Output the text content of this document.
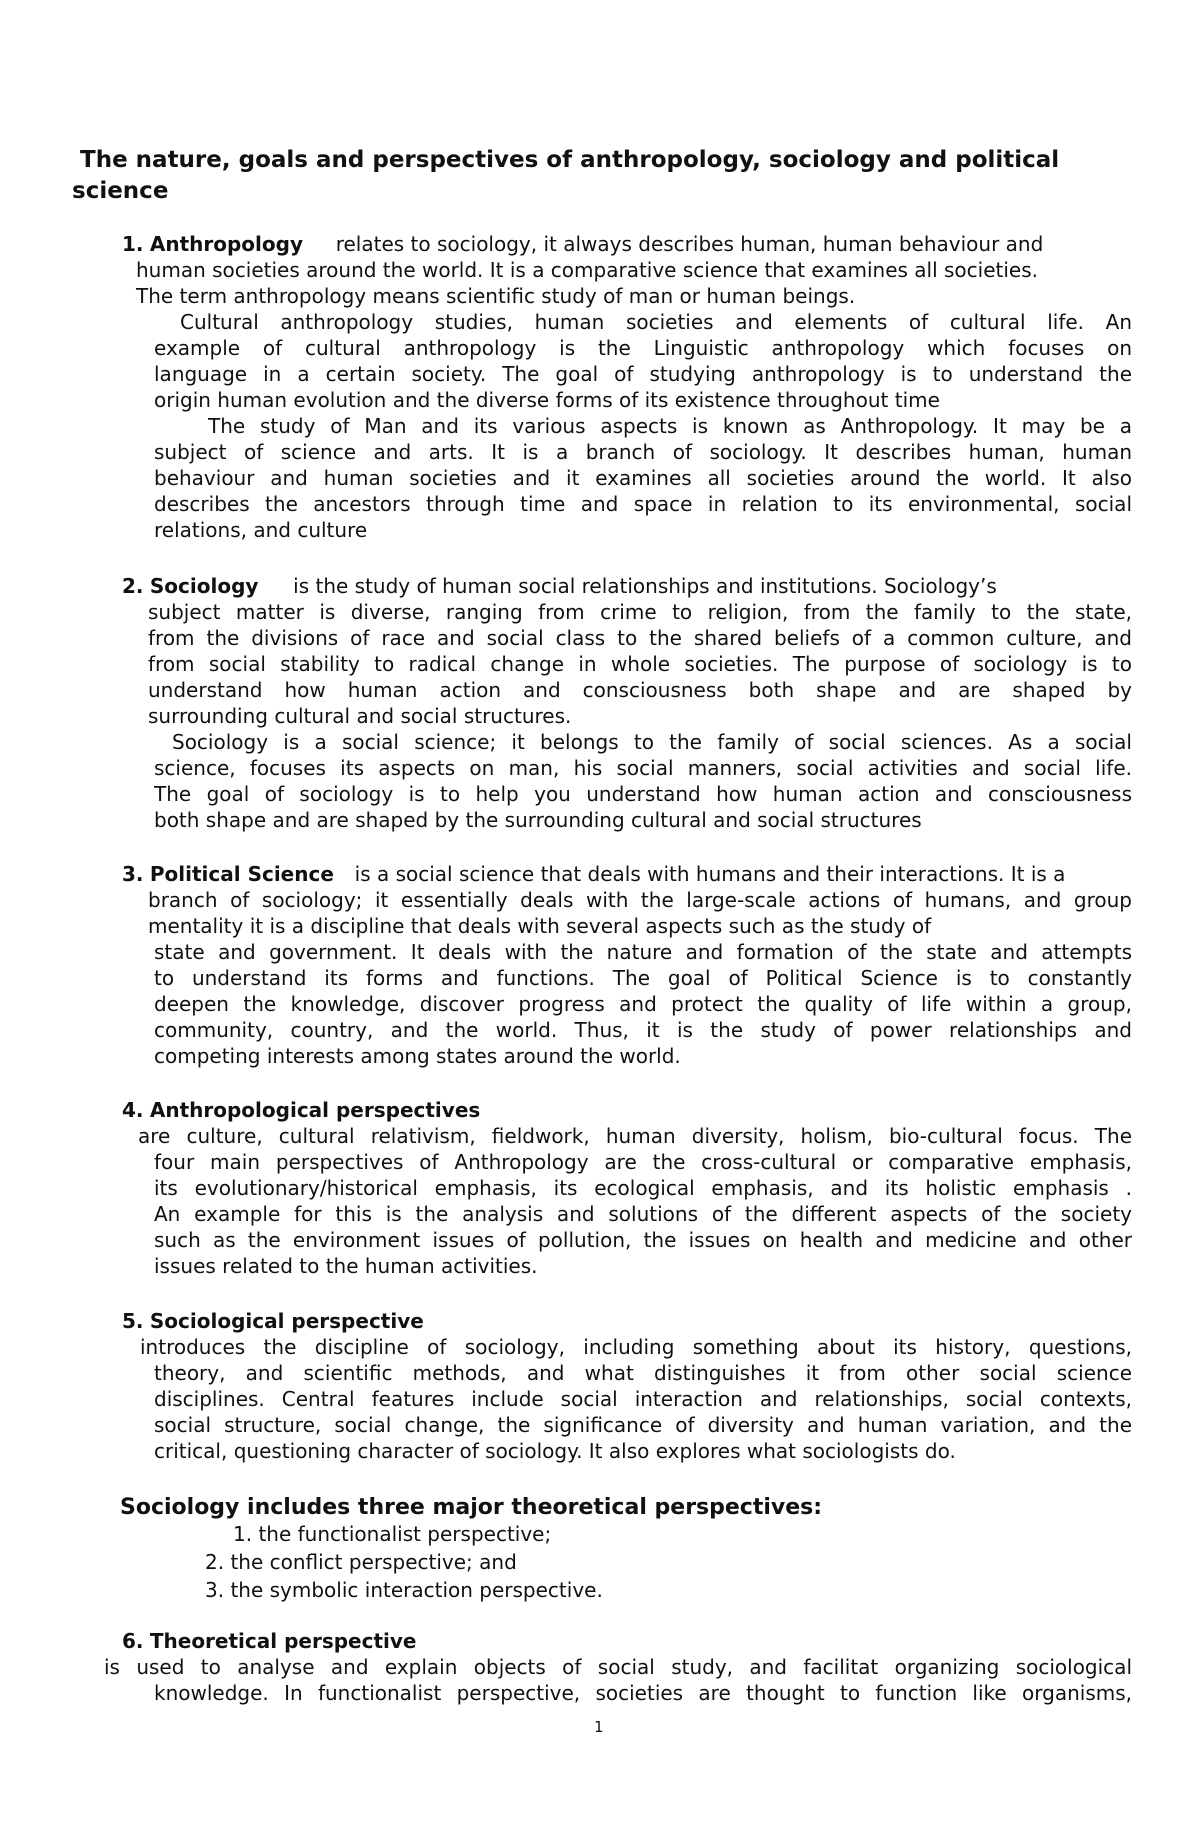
The nature, goals and perspectives of anthropology, sociology and political science
1. Anthropology relates to sociology, it always describes human, human behaviour and
human societies around the world. It is a comparative science that examines all societies.
The term anthropology means scientific study of man or human beings.
Cultural anthropology studies, human societies and elements of cultural life. An
example of cultural anthropology is the Linguistic anthropology which focuses on
language in a certain society. The goal of studying anthropology is to understand the
origin human evolution and the diverse forms of its existence throughout time
The study of Man and its various aspects is known as Anthropology. It may be a
subject of science and arts. It is a branch of sociology. It describes human, human
behaviour and human societies and it examines all societies around the world. It also
describes the ancestors through time and space in relation to its environmental, social
relations, and culture
2. Sociology is the study of human social relationships and institutions. Sociology’s
subject matter is diverse, ranging from crime to religion, from the family to the state,
from the divisions of race and social class to the shared beliefs of a common culture, and
from social stability to radical change in whole societies. The purpose of sociology is to
understand how human action and consciousness both shape and are shaped by
surrounding cultural and social structures.
Sociology is a social science; it belongs to the family of social sciences. As a social
science, focuses its aspects on man, his social manners, social activities and social life.
The goal of sociology is to help you understand how human action and consciousness
both shape and are shaped by the surrounding cultural and social structures
3. Political Science is a social science that deals with humans and their interactions. It is a
branch of sociology; it essentially deals with the large-scale actions of humans, and group
mentality it is a discipline that deals with several aspects such as the study of
state and government. It deals with the nature and formation of the state and attempts
to understand its forms and functions. The goal of Political Science is to constantly
deepen the knowledge, discover progress and protect the quality of life within a group,
community, country, and the world. Thus, it is the study of power relationships and
competing interests among states around the world.
4. Anthropological perspectives
are culture, cultural relativism, fieldwork, human diversity, holism, bio-cultural focus. The
four main perspectives of Anthropology are the cross-cultural or comparative emphasis,
its evolutionary/historical emphasis, its ecological emphasis, and its holistic emphasis .
An example for this is the analysis and solutions of the different aspects of the society
such as the environment issues of pollution, the issues on health and medicine and other
issues related to the human activities.
5. Sociological perspective
introduces the discipline of sociology, including something about its history, questions,
theory, and scientific methods, and what distinguishes it from other social science
disciplines. Central features include social interaction and relationships, social contexts,
social structure, social change, the significance of diversity and human variation, and the
critical, questioning character of sociology. It also explores what sociologists do.
Sociology includes three major theoretical perspectives:
1. the functionalist perspective;
2. the conflict perspective; and
3. the symbolic interaction perspective.
6. Theoretical perspective
is used to analyse and explain objects of social study, and facilitat organizing sociological
knowledge. In functionalist perspective, societies are thought to function like organisms,
1
